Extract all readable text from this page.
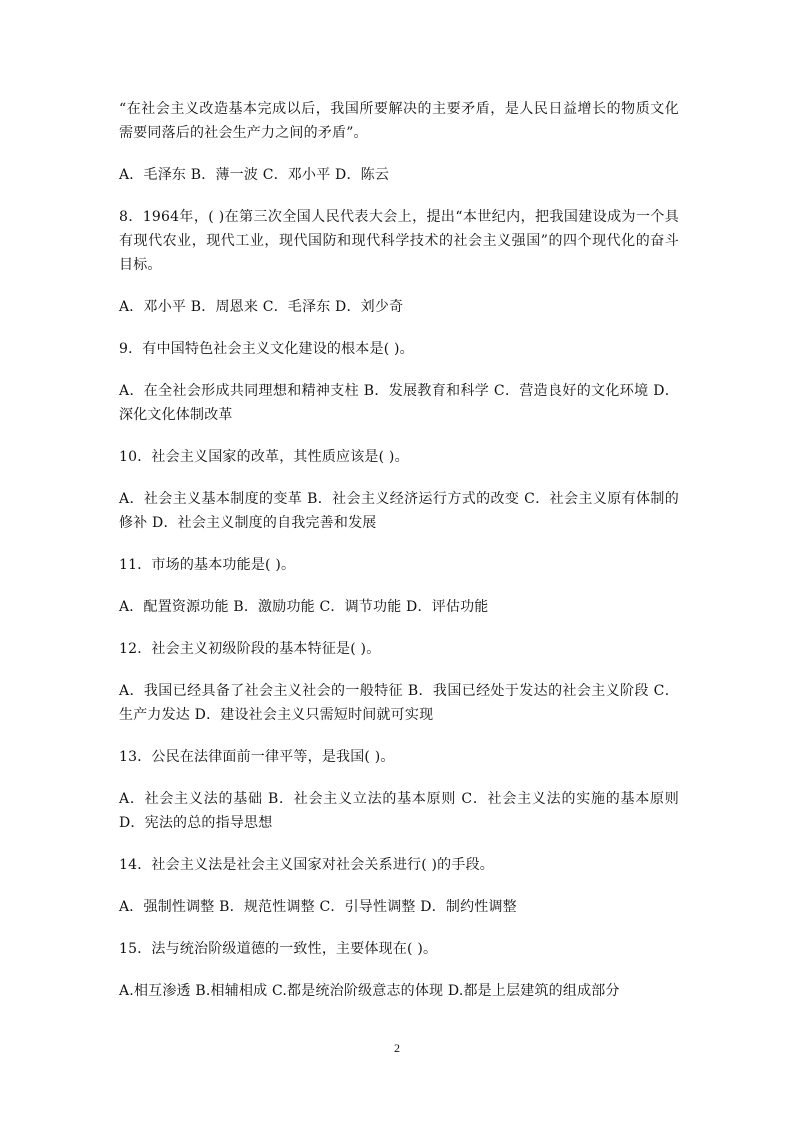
“在社会主义改造基本完成以后，我国所要解决的主要矛盾，是人民日益增长的物质文化需要同落后的社会生产力之间的矛盾”。

A．毛泽东 B．薄一波 C．邓小平 D．陈云

8．1964年，( )在第三次全国人民代表大会上，提出“本世纪内，把我国建设成为一个具有现代农业，现代工业，现代国防和现代科学技术的社会主义强国”的四个现代化的奋斗目标。

A．邓小平 B．周恩来 C．毛泽东 D．刘少奇

9．有中国特色社会主义文化建设的根本是( )。

A．在全社会形成共同理想和精神支柱 B．发展教育和科学 C．营造良好的文化环境 D．深化文化体制改革

10．社会主义国家的改革，其性质应该是( )。

A．社会主义基本制度的变革 B．社会主义经济运行方式的改变 C．社会主义原有体制的修补 D．社会主义制度的自我完善和发展

11．市场的基本功能是( )。

A．配置资源功能 B．激励功能 C．调节功能 D．评估功能

12．社会主义初级阶段的基本特征是( )。

A．我国已经具备了社会主义社会的一般特征 B．我国已经处于发达的社会主义阶段 C．生产力发达 D．建设社会主义只需短时间就可实现

13．公民在法律面前一律平等，是我国( )。

A．社会主义法的基础 B．社会主义立法的基本原则 C．社会主义法的实施的基本原则 D．宪法的总的指导思想

14．社会主义法是社会主义国家对社会关系进行( )的手段。

A．强制性调整 B．规范性调整 C．引导性调整 D．制约性调整

15．法与统治阶级道德的一致性，主要体现在( )。

A.相互渗透 B.相辅相成 C.都是统治阶级意志的体现 D.都是上层建筑的组成部分

2
